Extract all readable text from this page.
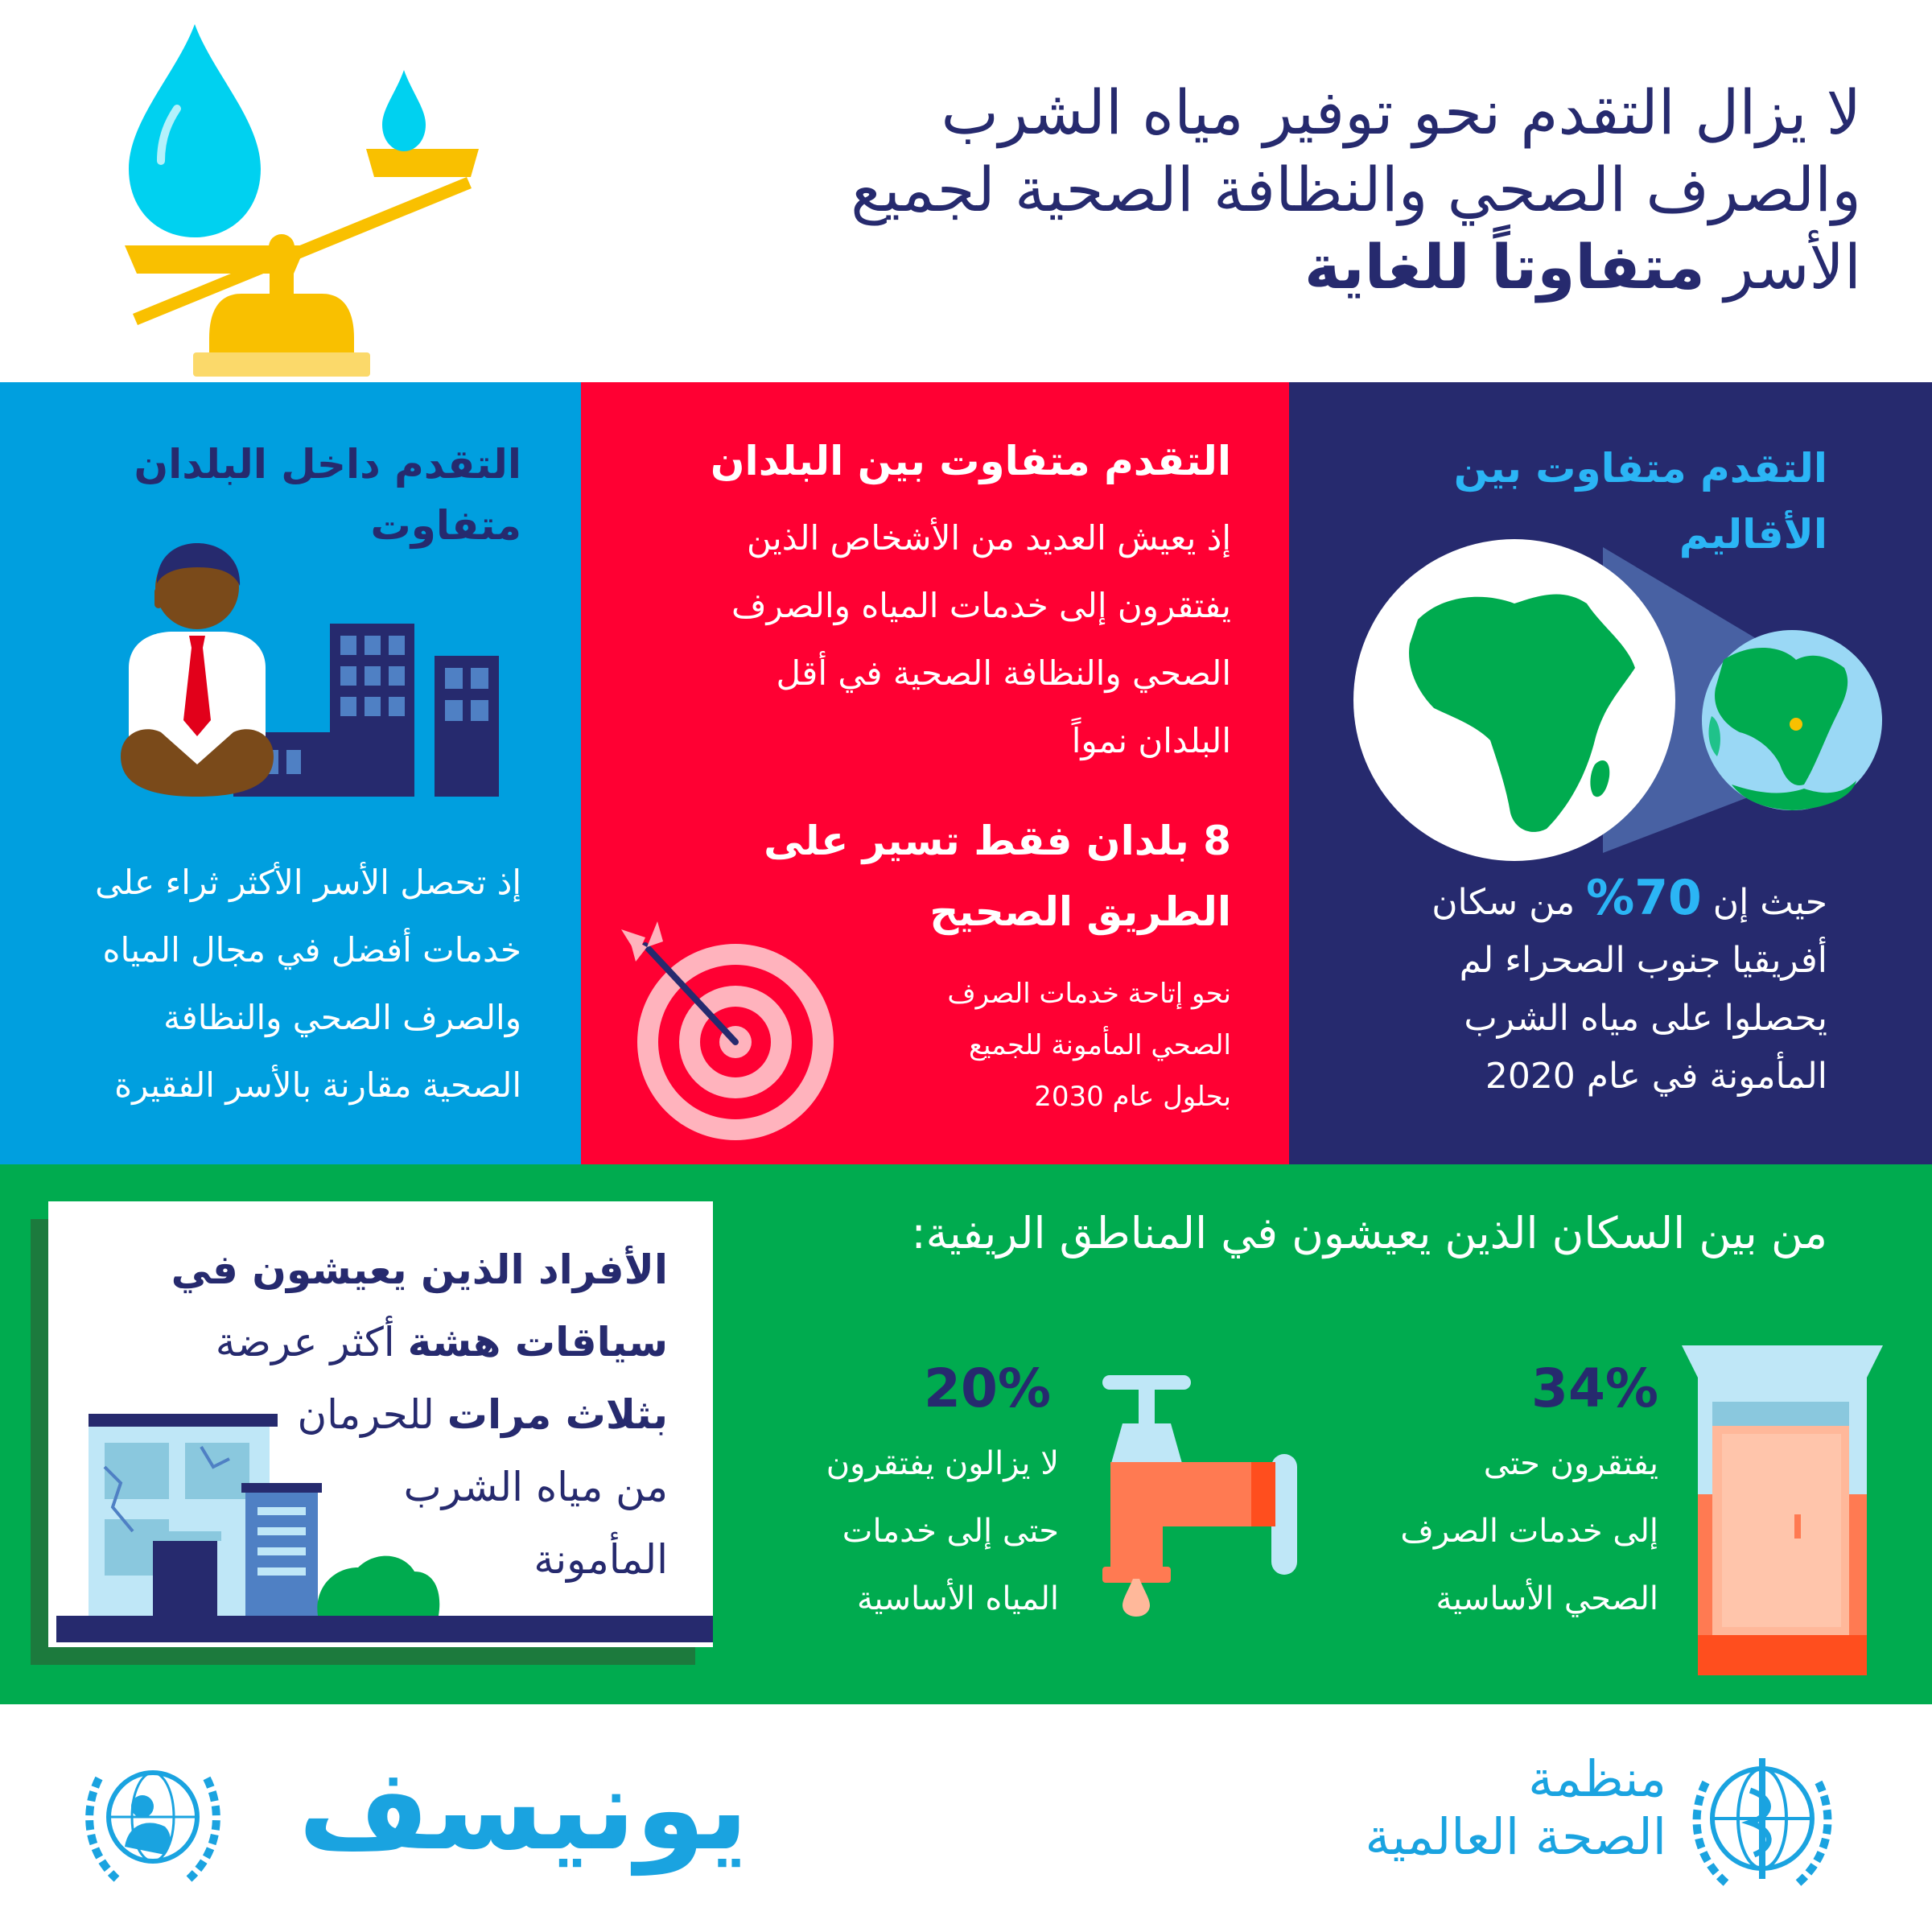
لا يزال التقدم نحو توفير مياه الشرب
والصرف الصحي والنظافة الصحية لجميع
الأسر متفاوتاً للغاية
التقدم داخل البلدان
متفاوت
إذ تحصل الأسر الأكثر ثراء على
خدمات أفضل في مجال المياه
والصرف الصحي والنظافة
الصحية مقارنة بالأسر الفقيرة
التقدم متفاوت بين البلدان
إذ يعيش العديد من الأشخاص الذين
يفتقرون إلى خدمات المياه والصرف
الصحي والنظافة الصحية في أقل
البلدان نمواً
8 بلدان فقط تسير على
الطريق الصحيح
نحو إتاحة خدمات الصرف
الصحي المأمونة للجميع
بحلول عام 2030
التقدم متفاوت بين
الأقاليم
حيث إن 70% من سكان
أفريقيا جنوب الصحراء لم
يحصلوا على مياه الشرب
المأمونة في عام 2020
من بين السكان الذين يعيشون في المناطق الريفية:
34%
يفتقرون حتى
إلى خدمات الصرف
الصحي الأساسية
20%
لا يزالون يفتقرون
حتى إلى خدمات
المياه الأساسية
الأفراد الذين يعيشون في
سياقات هشة أكثر عرضة
بثلاث مرات للحرمان
من مياه الشرب
المأمونة
منظمة
الصحة العالمية
يونيسف
